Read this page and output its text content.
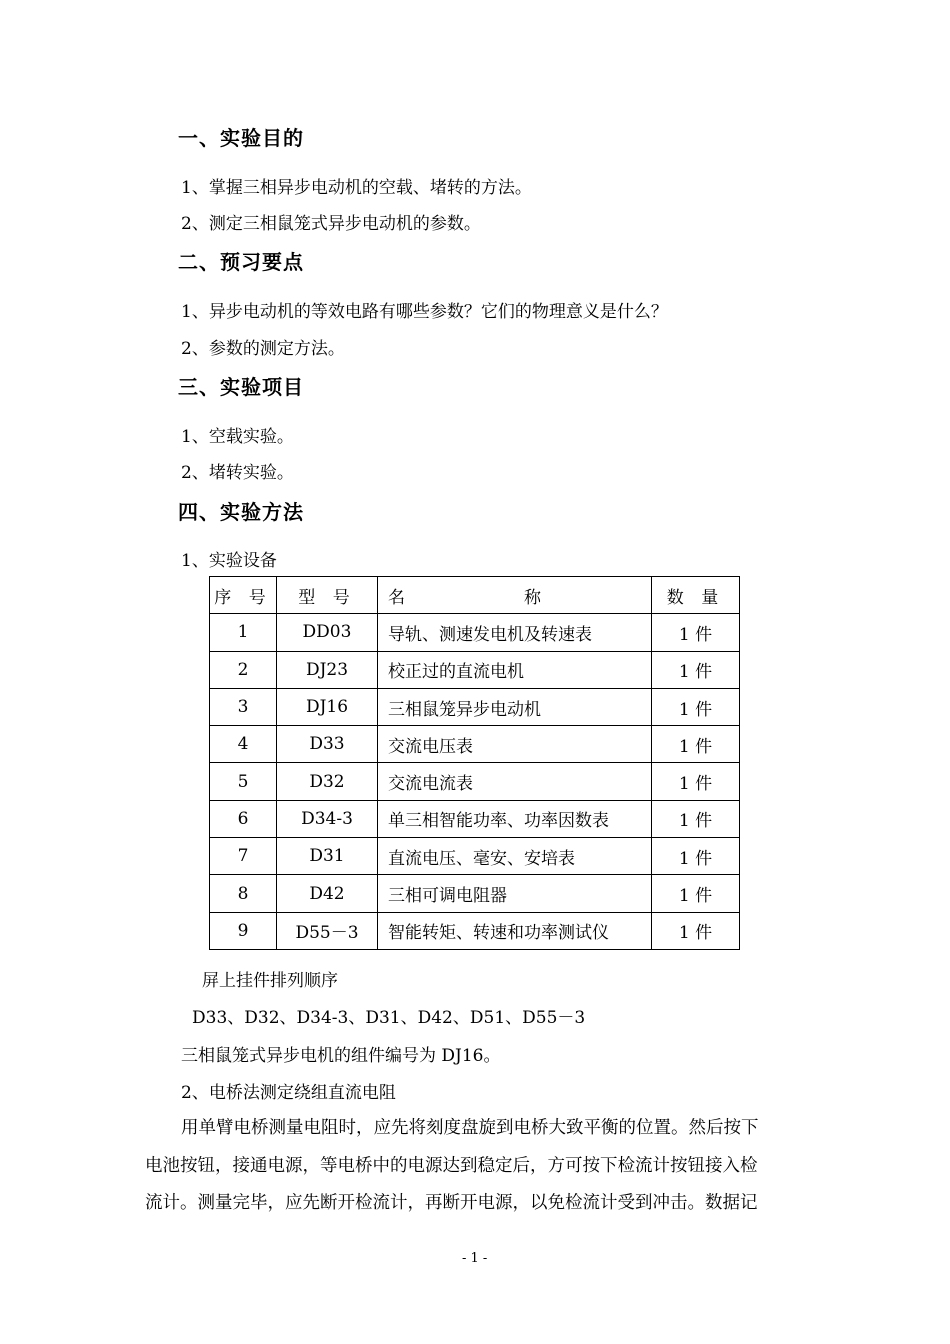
一、实验目的
1、掌握三相异步电动机的空载、堵转的方法。
2、测定三相鼠笼式异步电动机的参数。
二、预习要点
1、异步电动机的等效电路有哪些参数？它们的物理意义是什么？
2、参数的测定方法。
三、实验项目
1、空载实验。
2、堵转实验。
四、实验方法
1、实验设备
序 号	型 号	名 称	数 量
1	DD03	导轨、测速发电机及转速表	1 件
2	DJ23	校正过的直流电机	1 件
3	DJ16	三相鼠笼异步电动机	1 件
4	D33	交流电压表	1 件
5	D32	交流电流表	1 件
6	D34-3	单三相智能功率、功率因数表	1 件
7	D31	直流电压、毫安、安培表	1 件
8	D42	三相可调电阻器	1 件
9	D55－3	智能转矩、转速和功率测试仪	1 件
屏上挂件排列顺序
D33、D32、D34-3、D31、D42、D51、D55－3
三相鼠笼式异步电机的组件编号为 DJ16。
2、电桥法测定绕组直流电阻
用单臂电桥测量电阻时，应先将刻度盘旋到电桥大致平衡的位置。然后按下
电池按钮，接通电源，等电桥中的电源达到稳定后，方可按下检流计按钮接入检
流计。测量完毕，应先断开检流计，再断开电源，以免检流计受到冲击。数据记
- 1 -
